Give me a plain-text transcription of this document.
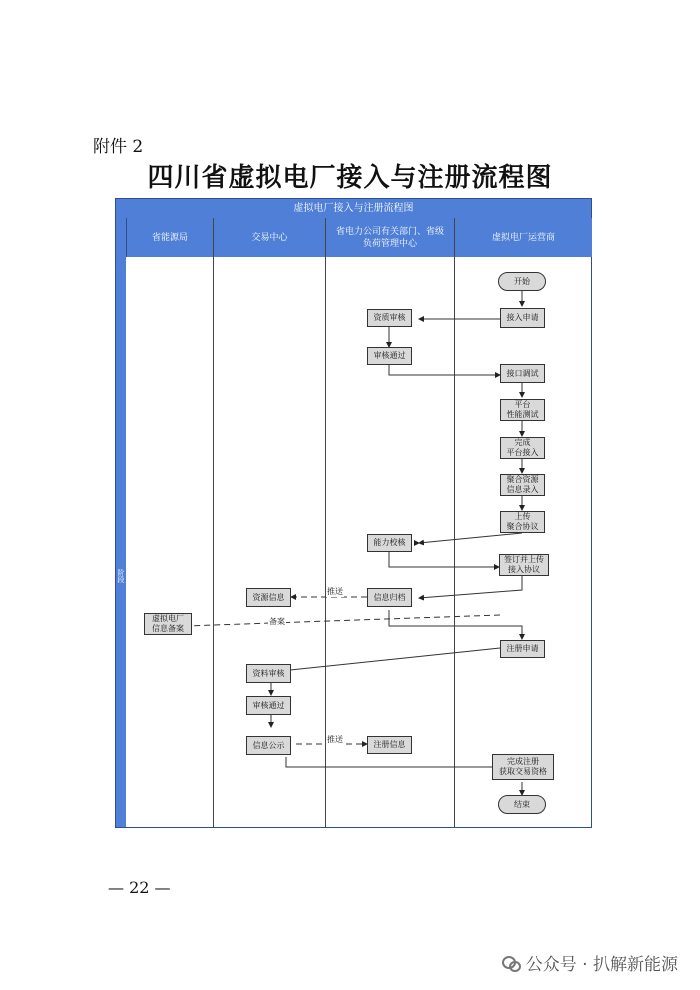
附件 2
四川省虚拟电厂接入与注册流程图
虚拟电厂接入与注册流程图
省能源局	交易中心
省电力公司有关部门、省级负荷管理中心
虚拟电厂运营商
阶段
开始
接入申请
接口调试
平台
性能测试
完成
平台接入
聚合资源
信息录入
上传
聚合协议
签订并上传
接入协议
注册申请
完成注册
获取交易资格
结束
资质审核
审核通过
能力校核
信息归档
注册信息
资源信息
资料审核
审核通过
信息公示
虚拟电厂
信息备案
推送
备案
推送
— 22 —
公众号 · 扒解新能源
